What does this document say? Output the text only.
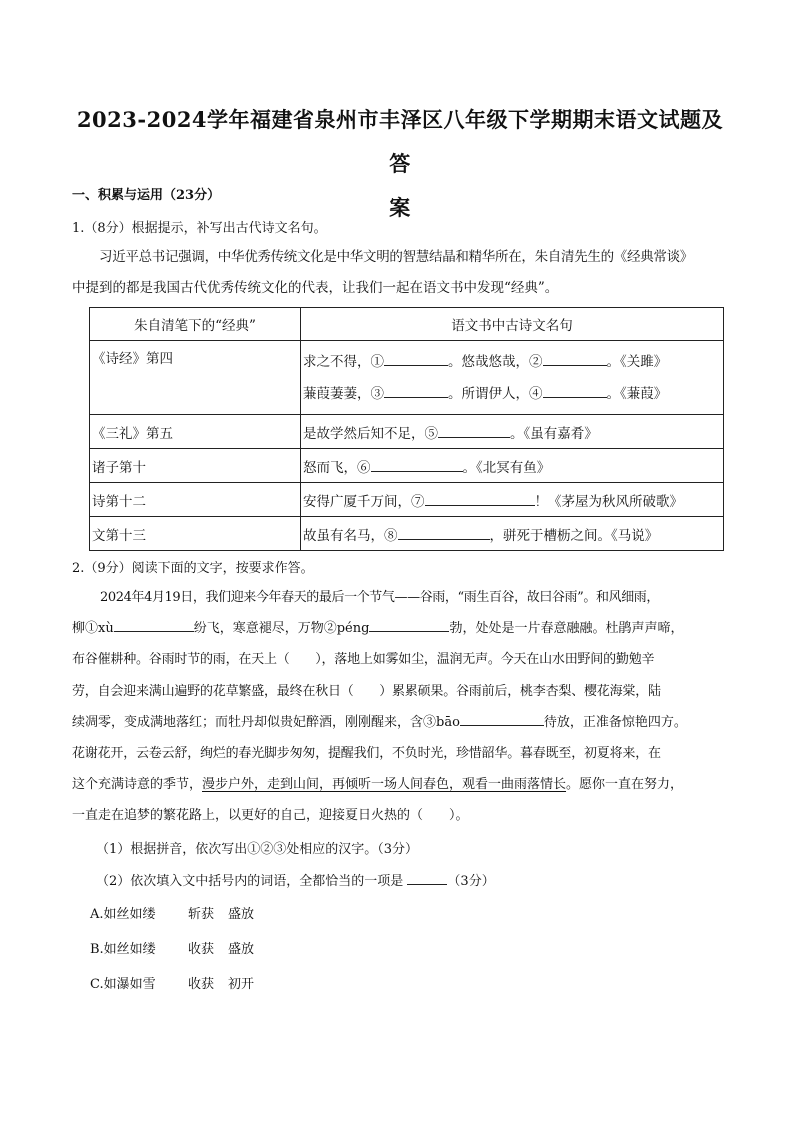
2023-2024学年福建省泉州市丰泽区八年级下学期期末语文试题及答
案
一、积累与运用（23分）
1.（8分）根据提示，补写出古代诗文名句。
习近平总书记强调，中华优秀传统文化是中华文明的智慧结晶和精华所在，朱自清先生的《经典常谈》
中提到的都是我国古代优秀传统文化的代表，让我们一起在语文书中发现“经典”。
朱自清笔下的“经典”	语文书中古诗文名句
《诗经》第四	求之不得，① 。悠哉悠哉，② 。《关雎》
蒹葭萋萋，③ 。所谓伊人，④ 。《蒹葭》

《三礼》第五	是故学然后知不足，⑤ 。《虽有嘉肴》
诸子第十	怒而飞，⑥ 。《北冥有鱼》
诗第十二	安得广厦千万间，⑦ ！《茅屋为秋风所破歌》
文第十三	故虽有名马，⑧ ，骈死于槽枥之间。《马说》
2.（9分）阅读下面的文字，按要求作答。
2024年4月19日，我们迎来今年春天的最后一个节气——谷雨，“雨生百谷，故曰谷雨”。和风细雨，
柳①xù	纷飞，寒意褪尽，万物②péng	勃，处处是一片春意融融。杜鹃声声啼，
布谷催耕种。谷雨时节的雨，在天上（　　），落地上如雾如尘，温润无声。今天在山水田野间的勤勉辛
劳，自会迎来满山遍野的花草繁盛，最终在秋日（　　）累累硕果。谷雨前后，桃李杏梨、樱花海棠，陆
续凋零，变成满地落红；而牡丹却似贵妃醉酒，刚刚醒来，含③bāo	待放，正准备惊艳四方。
花谢花开，云卷云舒，绚烂的春光脚步匆匆，提醒我们，不负时光，珍惜韶华。暮春既至，初夏将来，在
这个充满诗意的季节，漫步户外，走到山间，再倾听一场人间春色，观看一曲雨落情长。愿你一直在努力，
一直走在追梦的繁花路上，以更好的自己，迎接夏日火热的（　　）。
（1）根据拼音，依次写出①②③处相应的汉字。（3分）
（2）依次填入文中括号内的词语，全都恰当的一项是	（3分）
A.如丝如缕 斩获 盛放
B.如丝如缕 收获 盛放
C.如瀑如雪 收获 初开
